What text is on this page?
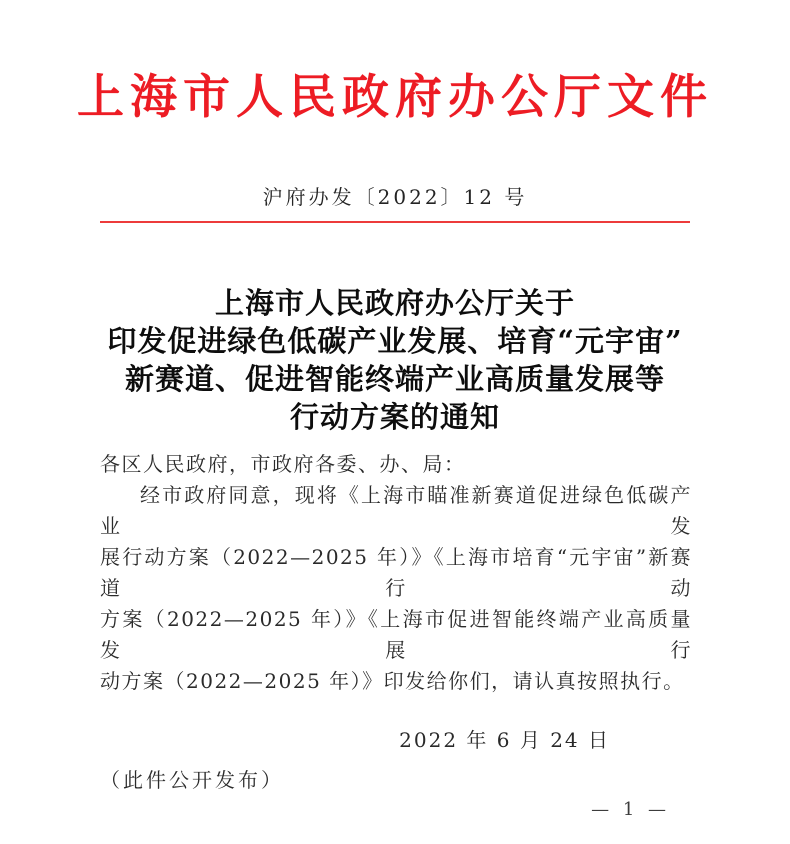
上海市人民政府办公厅文件
沪府办发〔2022〕12 号
上海市人民政府办公厅关于
印发促进绿色低碳产业发展、培育“元宇宙”
新赛道、促进智能终端产业高质量发展等
行动方案的通知
各区人民政府，市政府各委、办、局：
经市政府同意，现将《上海市瞄准新赛道促进绿色低碳产业发
展行动方案（2022—2025 年）》《上海市培育“元宇宙”新赛道行动
方案（2022—2025 年）》《上海市促进智能终端产业高质量发展行
动方案（2022—2025 年）》印发给你们，请认真按照执行。
2022 年 6 月 24 日
（此件公开发布）
— 1 —
